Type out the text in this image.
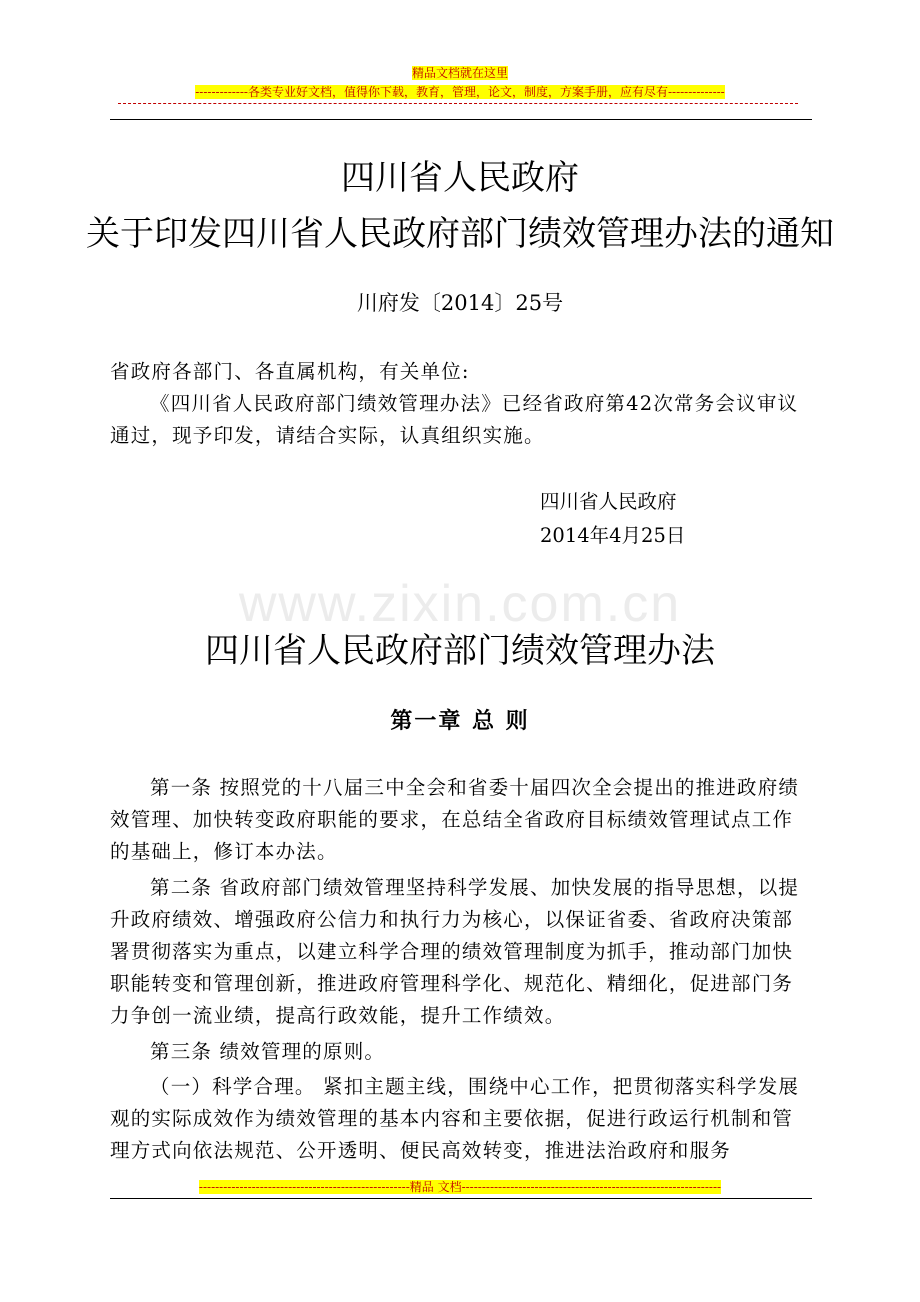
精品文档就在这里
-------------各类专业好文档，值得你下载，教育，管理，论文，制度，方案手册，应有尽有--------------
四川省人民政府
关于印发四川省人民政府部门绩效管理办法的通知
川府发〔2014〕25号
省政府各部门、各直属机构，有关单位:
《四川省人民政府部门绩效管理办法》已经省政府第42次常务会议审议通过，现予印发，请结合实际，认真组织实施。
四川省人民政府
2014年4月25日
www.zixin.com.cn
四川省人民政府部门绩效管理办法
第一章 总 则
第一条 按照党的十八届三中全会和省委十届四次全会提出的推进政府绩效管理、加快转变政府职能的要求，在总结全省政府目标绩效管理试点工作的基础上，修订本办法。
第二条 省政府部门绩效管理坚持科学发展、加快发展的指导思想，以提升政府绩效、增强政府公信力和执行力为核心，以保证省委、省政府决策部署贯彻落实为重点，以建立科学合理的绩效管理制度为抓手，推动部门加快职能转变和管理创新，推进政府管理科学化、规范化、精细化，促进部门务力争创一流业绩，提高行政效能，提升工作绩效。
第三条 绩效管理的原则。
（一）科学合理。 紧扣主题主线，围绕中心工作，把贯彻落实科学发展观的实际成效作为绩效管理的基本内容和主要依据，促进行政运行机制和管理方式向依法规范、公开透明、便民高效转变，推进法治政府和服务
----------------------------------------------------精品 文档----------------------------------------------------------------
